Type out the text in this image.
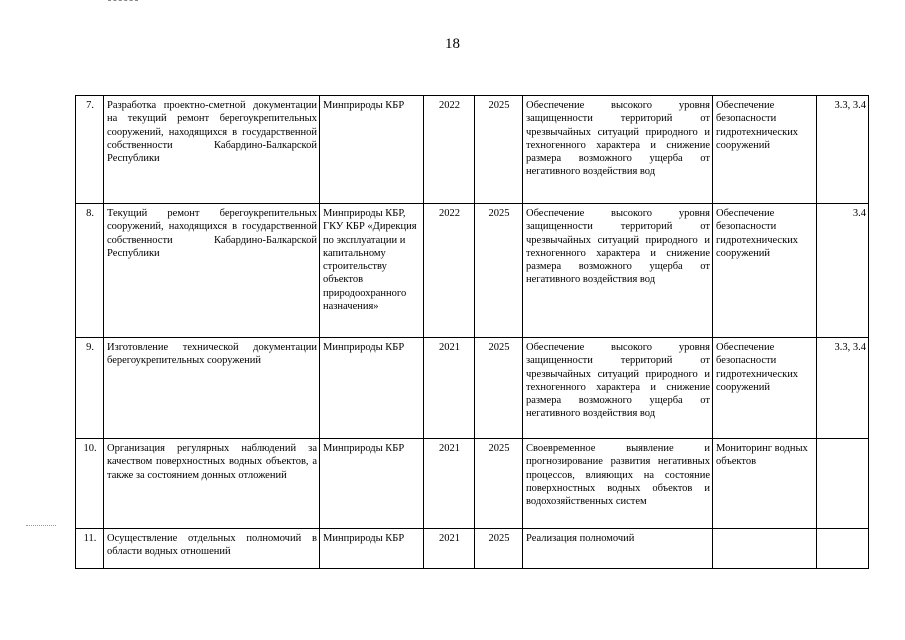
18
7.	Разработка проектно-сметной документации на текущий ремонт берегоукрепительных сооружений, находящихся в государственной собственности Кабардино-Балкарской Республики	Минприроды КБР	2022	2025	Обеспечение высокого уровня защищенности территорий от чрезвычайных ситуаций природного и техногенного характера и снижение размера возможного ущерба от негативного воздействия вод	Обеспечение безопасности гидротехнических сооружений	3.3, 3.4
8.	Текущий ремонт берегоукрепительных сооружений, находящихся в государственной собственности Кабардино-Балкарской Республики	Минприроды КБР, ГКУ КБР «Дирекция по эксплуатации и капитальному строительству объектов природоохранного назначения»	2022	2025	Обеспечение высокого уровня защищенности территорий от чрезвычайных ситуаций природного и техногенного характера и снижение размера возможного ущерба от негативного воздействия вод	Обеспечение безопасности гидротехнических сооружений	3.4
9.	Изготовление технической документации берегоукрепительных сооружений	Минприроды КБР	2021	2025	Обеспечение высокого уровня защищенности территорий от чрезвычайных ситуаций природного и техногенного характера и снижение размера возможного ущерба от негативного воздействия вод	Обеспечение безопасности гидротехнических сооружений	3.3, 3.4
10.	Организация регулярных наблюдений за качеством поверхностных водных объектов, а также за состоянием донных отложений	Минприроды КБР	2021	2025	Своевременное выявление и прогнозирование развития негативных процессов, влияющих на состояние поверхностных водных объектов и водохозяйственных систем	Мониторинг водных объектов	
11.	Осуществление отдельных полномочий в области водных отношений	Минприроды КБР	2021	2025	Реализация полномочий		
